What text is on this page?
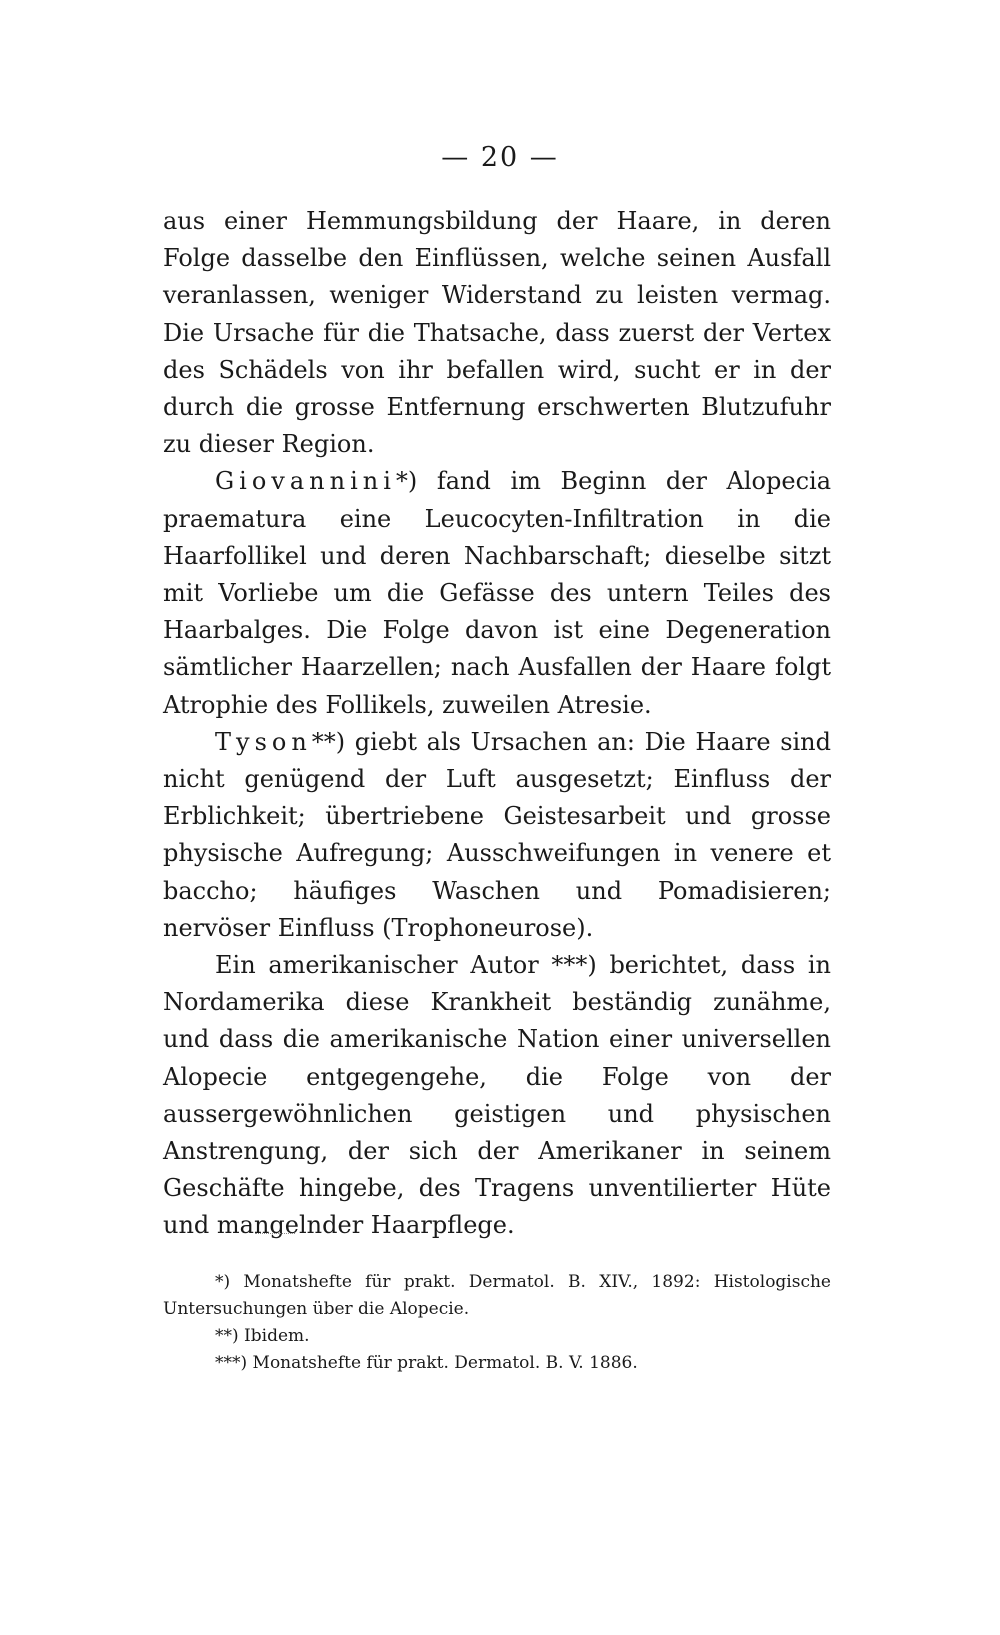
— 20 —

aus einer Hemmungsbildung der Haare, in deren Folge dasselbe den Einflüssen, welche seinen Ausfall veranlassen, weniger Widerstand zu leisten vermag. Die Ursache für die Thatsache, dass zuerst der Vertex des Schädels von ihr befallen wird, sucht er in der durch die grosse Entfernung erschwerten Blutzufuhr zu dieser Region.

Giovannini*) fand im Beginn der Alopecia praematura eine Leucocyten-Infiltration in die Haarfollikel und deren Nachbarschaft; dieselbe sitzt mit Vorliebe um die Gefässe des untern Teiles des Haarbalges. Die Folge davon ist eine Degeneration sämtlicher Haarzellen; nach Ausfallen der Haare folgt Atrophie des Follikels, zuweilen Atresie.

Tyson**) giebt als Ursachen an: Die Haare sind nicht genügend der Luft ausgesetzt; Einfluss der Erblichkeit; übertriebene Geistesarbeit und grosse physische Aufregung; Ausschweifungen in venere et baccho; häufiges Waschen und Pomadisieren; nervöser Einfluss (Trophoneurose).

Ein amerikanischer Autor ***) berichtet, dass in Nordamerika diese Krankheit beständig zunähme, und dass die amerikanische Nation einer universellen Alopecie entgegengehe, die Folge von der aussergewöhnlichen geistigen und physischen Anstrengung, der sich der Amerikaner in seinem Geschäfte hingebe, des Tragens unventilierter Hüte und mangelnder Haarpflege.

*) Monatshefte für prakt. Dermatol. B. XIV., 1892: Histologische Untersuchungen über die Alopecie.

**) Ibidem.

***) Monatshefte für prakt. Dermatol. B. V. 1886.
